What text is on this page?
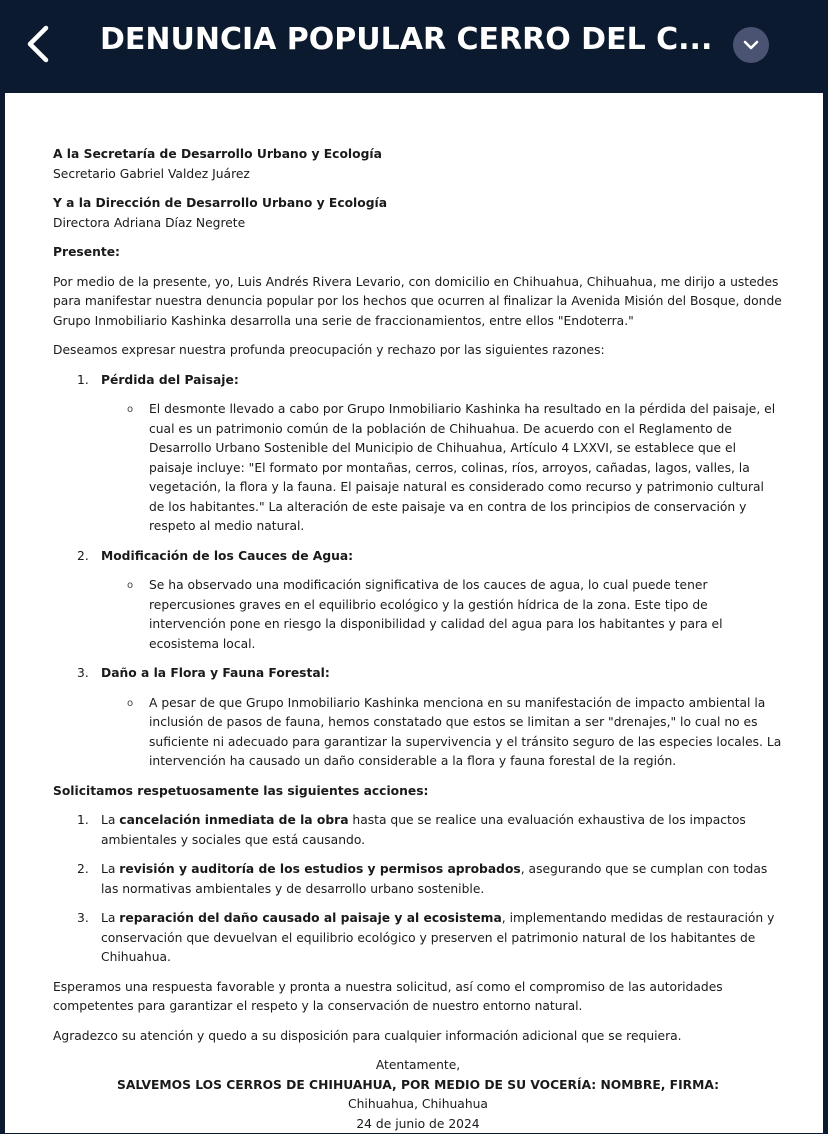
DENUNCIA POPULAR CERRO DEL C...

A la Secretaría de Desarrollo Urbano y Ecología

Secretario Gabriel Valdez Juárez

Y a la Dirección de Desarrollo Urbano y Ecología

Directora Adriana Díaz Negrete

Presente:

Por medio de la presente, yo, Luis Andrés Rivera Levario, con domicilio en Chihuahua, Chihuahua, me dirijo a ustedes para manifestar nuestra denuncia popular por los hechos que ocurren al finalizar la Avenida Misión del Bosque, donde Grupo Inmobiliario Kashinka desarrolla una serie de fraccionamientos, entre ellos "Endoterra."

Deseamos expresar nuestra profunda preocupación y rechazo por las siguientes razones:

1. Pérdida del Paisaje:
o El desmonte llevado a cabo por Grupo Inmobiliario Kashinka ha resultado en la pérdida del paisaje, el cual es un patrimonio común de la población de Chihuahua. De acuerdo con el Reglamento de Desarrollo Urbano Sostenible del Municipio de Chihuahua, Artículo 4 LXXVI, se establece que el paisaje incluye: "El formato por montañas, cerros, colinas, ríos, arroyos, cañadas, lagos, valles, la vegetación, la flora y la fauna. El paisaje natural es considerado como recurso y patrimonio cultural de los habitantes." La alteración de este paisaje va en contra de los principios de conservación y respeto al medio natural.

2. Modificación de los Cauces de Agua:
o Se ha observado una modificación significativa de los cauces de agua, lo cual puede tener repercusiones graves en el equilibrio ecológico y la gestión hídrica de la zona. Este tipo de intervención pone en riesgo la disponibilidad y calidad del agua para los habitantes y para el ecosistema local.

3. Daño a la Flora y Fauna Forestal:
o A pesar de que Grupo Inmobiliario Kashinka menciona en su manifestación de impacto ambiental la inclusión de pasos de fauna, hemos constatado que estos se limitan a ser "drenajes," lo cual no es suficiente ni adecuado para garantizar la supervivencia y el tránsito seguro de las especies locales. La intervención ha causado un daño considerable a la flora y fauna forestal de la región.

Solicitamos respetuosamente las siguientes acciones:

1. La cancelación inmediata de la obra hasta que se realice una evaluación exhaustiva de los impactos ambientales y sociales que está causando.
2. La revisión y auditoría de los estudios y permisos aprobados, asegurando que se cumplan con todas las normativas ambientales y de desarrollo urbano sostenible.
3. La reparación del daño causado al paisaje y al ecosistema, implementando medidas de restauración y conservación que devuelvan el equilibrio ecológico y preserven el patrimonio natural de los habitantes de Chihuahua.

Esperamos una respuesta favorable y pronta a nuestra solicitud, así como el compromiso de las autoridades competentes para garantizar el respeto y la conservación de nuestro entorno natural.

Agradezco su atención y quedo a su disposición para cualquier información adicional que se requiera.

Atentamente,

SALVEMOS LOS CERROS DE CHIHUAHUA, POR MEDIO DE SU VOCERÍA: NOMBRE, FIRMA:

Chihuahua, Chihuahua

24 de junio de 2024
